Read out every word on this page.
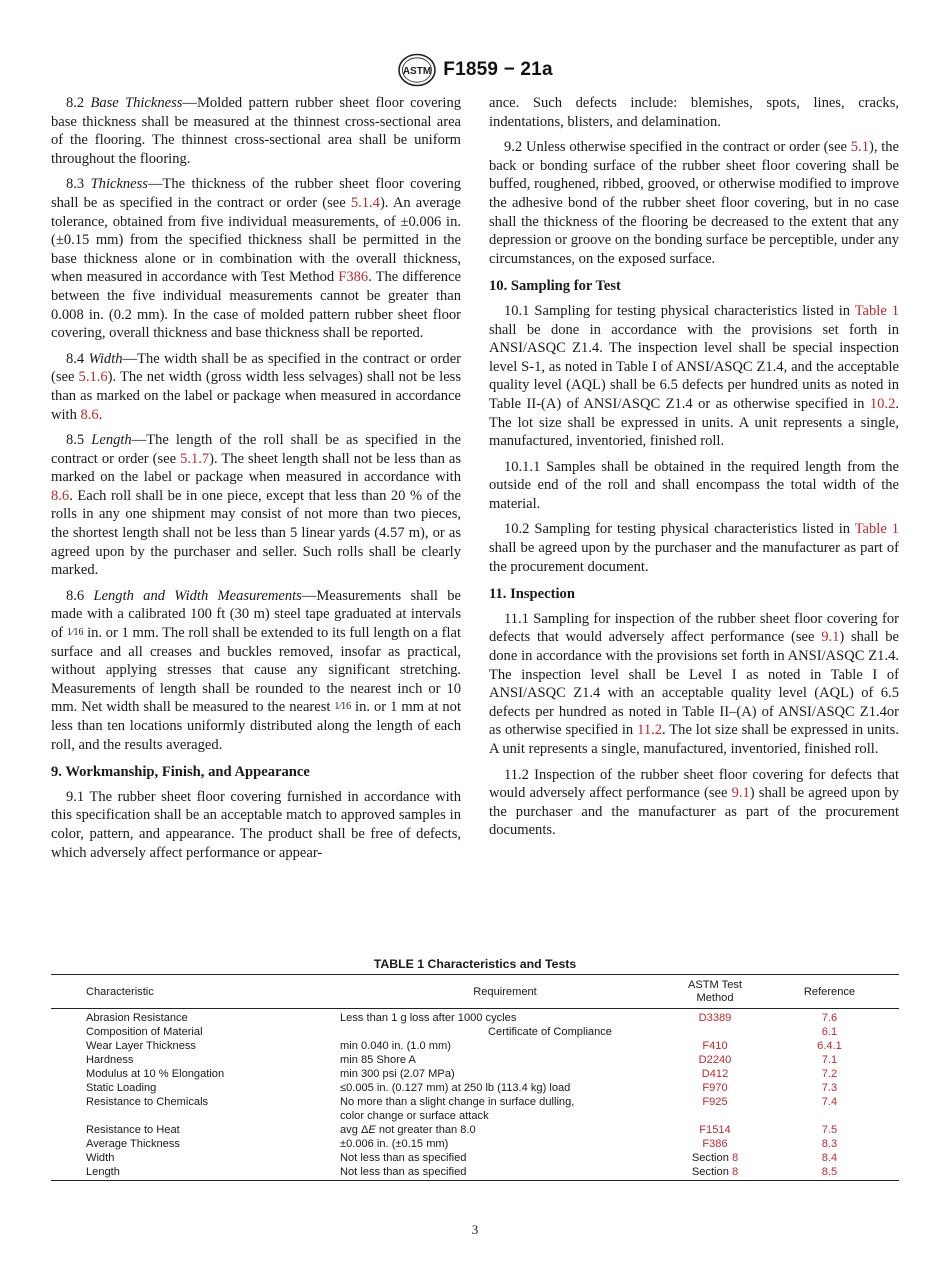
ASTM F1859 − 21a

8.2 Base Thickness—Molded pattern rubber sheet floor covering base thickness shall be measured at the thinnest cross-sectional area of the flooring. The thinnest cross-sectional area shall be uniform throughout the flooring.

8.3 Thickness—The thickness of the rubber sheet floor covering shall be as specified in the contract or order (see 5.1.4). An average tolerance, obtained from five individual measurements, of ±0.006 in. (±0.15 mm) from the specified thickness shall be permitted in the base thickness alone or in combination with the overall thickness, when measured in accordance with Test Method F386. The difference between the five individual measurements cannot be greater than 0.008 in. (0.2 mm). In the case of molded pattern rubber sheet floor covering, overall thickness and base thickness shall be reported.

8.4 Width—The width shall be as specified in the contract or order (see 5.1.6). The net width (gross width less selvages) shall not be less than as marked on the label or package when measured in accordance with 8.6.

8.5 Length—The length of the roll shall be as specified in the contract or order (see 5.1.7). The sheet length shall not be less than as marked on the label or package when measured in accordance with 8.6. Each roll shall be in one piece, except that less than 20 % of the rolls in any one shipment may consist of not more than two pieces, the shortest length shall not be less than 5 linear yards (4.57 m), or as agreed upon by the purchaser and seller. Such rolls shall be clearly marked.

8.6 Length and Width Measurements—Measurements shall be made with a calibrated 100 ft (30 m) steel tape graduated at intervals of 1⁄16 in. or 1 mm. The roll shall be extended to its full length on a flat surface and all creases and buckles removed, insofar as practical, without applying stresses that cause any significant stretching. Measurements of length shall be rounded to the nearest inch or 10 mm. Net width shall be measured to the nearest 1⁄16 in. or 1 mm at not less than ten locations uniformly distributed along the length of each roll, and the results averaged.

9. Workmanship, Finish, and Appearance

9.1 The rubber sheet floor covering furnished in accordance with this specification shall be an acceptable match to approved samples in color, pattern, and appearance. The product shall be free of defects, which adversely affect performance or appear-

ance. Such defects include: blemishes, spots, lines, cracks, indentations, blisters, and delamination.

9.2 Unless otherwise specified in the contract or order (see 5.1), the back or bonding surface of the rubber sheet floor covering shall be buffed, roughened, ribbed, grooved, or otherwise modified to improve the adhesive bond of the rubber sheet floor covering, but in no case shall the thickness of the flooring be decreased to the extent that any depression or groove on the bonding surface be perceptible, under any circumstances, on the exposed surface.

10. Sampling for Test

10.1 Sampling for testing physical characteristics listed in Table 1 shall be done in accordance with the provisions set forth in ANSI/ASQC Z1.4. The inspection level shall be special inspection level S-1, as noted in Table I of ANSI/ASQC Z1.4, and the acceptable quality level (AQL) shall be 6.5 defects per hundred units as noted in Table II-(A) of ANSI/ASQC Z1.4 or as otherwise specified in 10.2. The lot size shall be expressed in units. A unit represents a single, manufactured, inventoried, finished roll.

10.1.1 Samples shall be obtained in the required length from the outside end of the roll and shall encompass the total width of the material.

10.2 Sampling for testing physical characteristics listed in Table 1 shall be agreed upon by the purchaser and the manufacturer as part of the procurement document.

11. Inspection

11.1 Sampling for inspection of the rubber sheet floor covering for defects that would adversely affect performance (see 9.1) shall be done in accordance with the provisions set forth in ANSI/ASQC Z1.4. The inspection level shall be Level I as noted in Table I of ANSI/ASQC Z1.4 with an acceptable quality level (AQL) of 6.5 defects per hundred as noted in Table II–(A) of ANSI/ASQC Z1.4or as otherwise specified in 11.2. The lot size shall be expressed in units. A unit represents a single, manufactured, inventoried, finished roll.

11.2 Inspection of the rubber sheet floor covering for defects that would adversely affect performance (see 9.1) shall be agreed upon by the purchaser and the manufacturer as part of the procurement documents.

TABLE 1 Characteristics and Tests
Characteristic	Requirement	ASTM Test
Method	Reference
Abrasion Resistance	Less than 1 g loss after 1000 cycles	D3389	7.6
Composition of Material	Certificate of Compliance		6.1
Wear Layer Thickness	min 0.040 in. (1.0 mm)	F410	6.4.1
Hardness	min 85 Shore A	D2240	7.1
Modulus at 10 % Elongation	min 300 psi (2.07 MPa)	D412	7.2
Static Loading	≤0.005 in. (0.127 mm) at 250 lb (113.4 kg) load	F970	7.3
Resistance to Chemicals	No more than a slight change in surface dulling,
color change or surface attack	F925	7.4
Resistance to Heat	avg ΔE not greater than 8.0	F1514	7.5
Average Thickness	±0.006 in. (±0.15 mm)	F386	8.3
Width	Not less than as specified	Section 8	8.4
Length	Not less than as specified	Section 8	8.5
3
